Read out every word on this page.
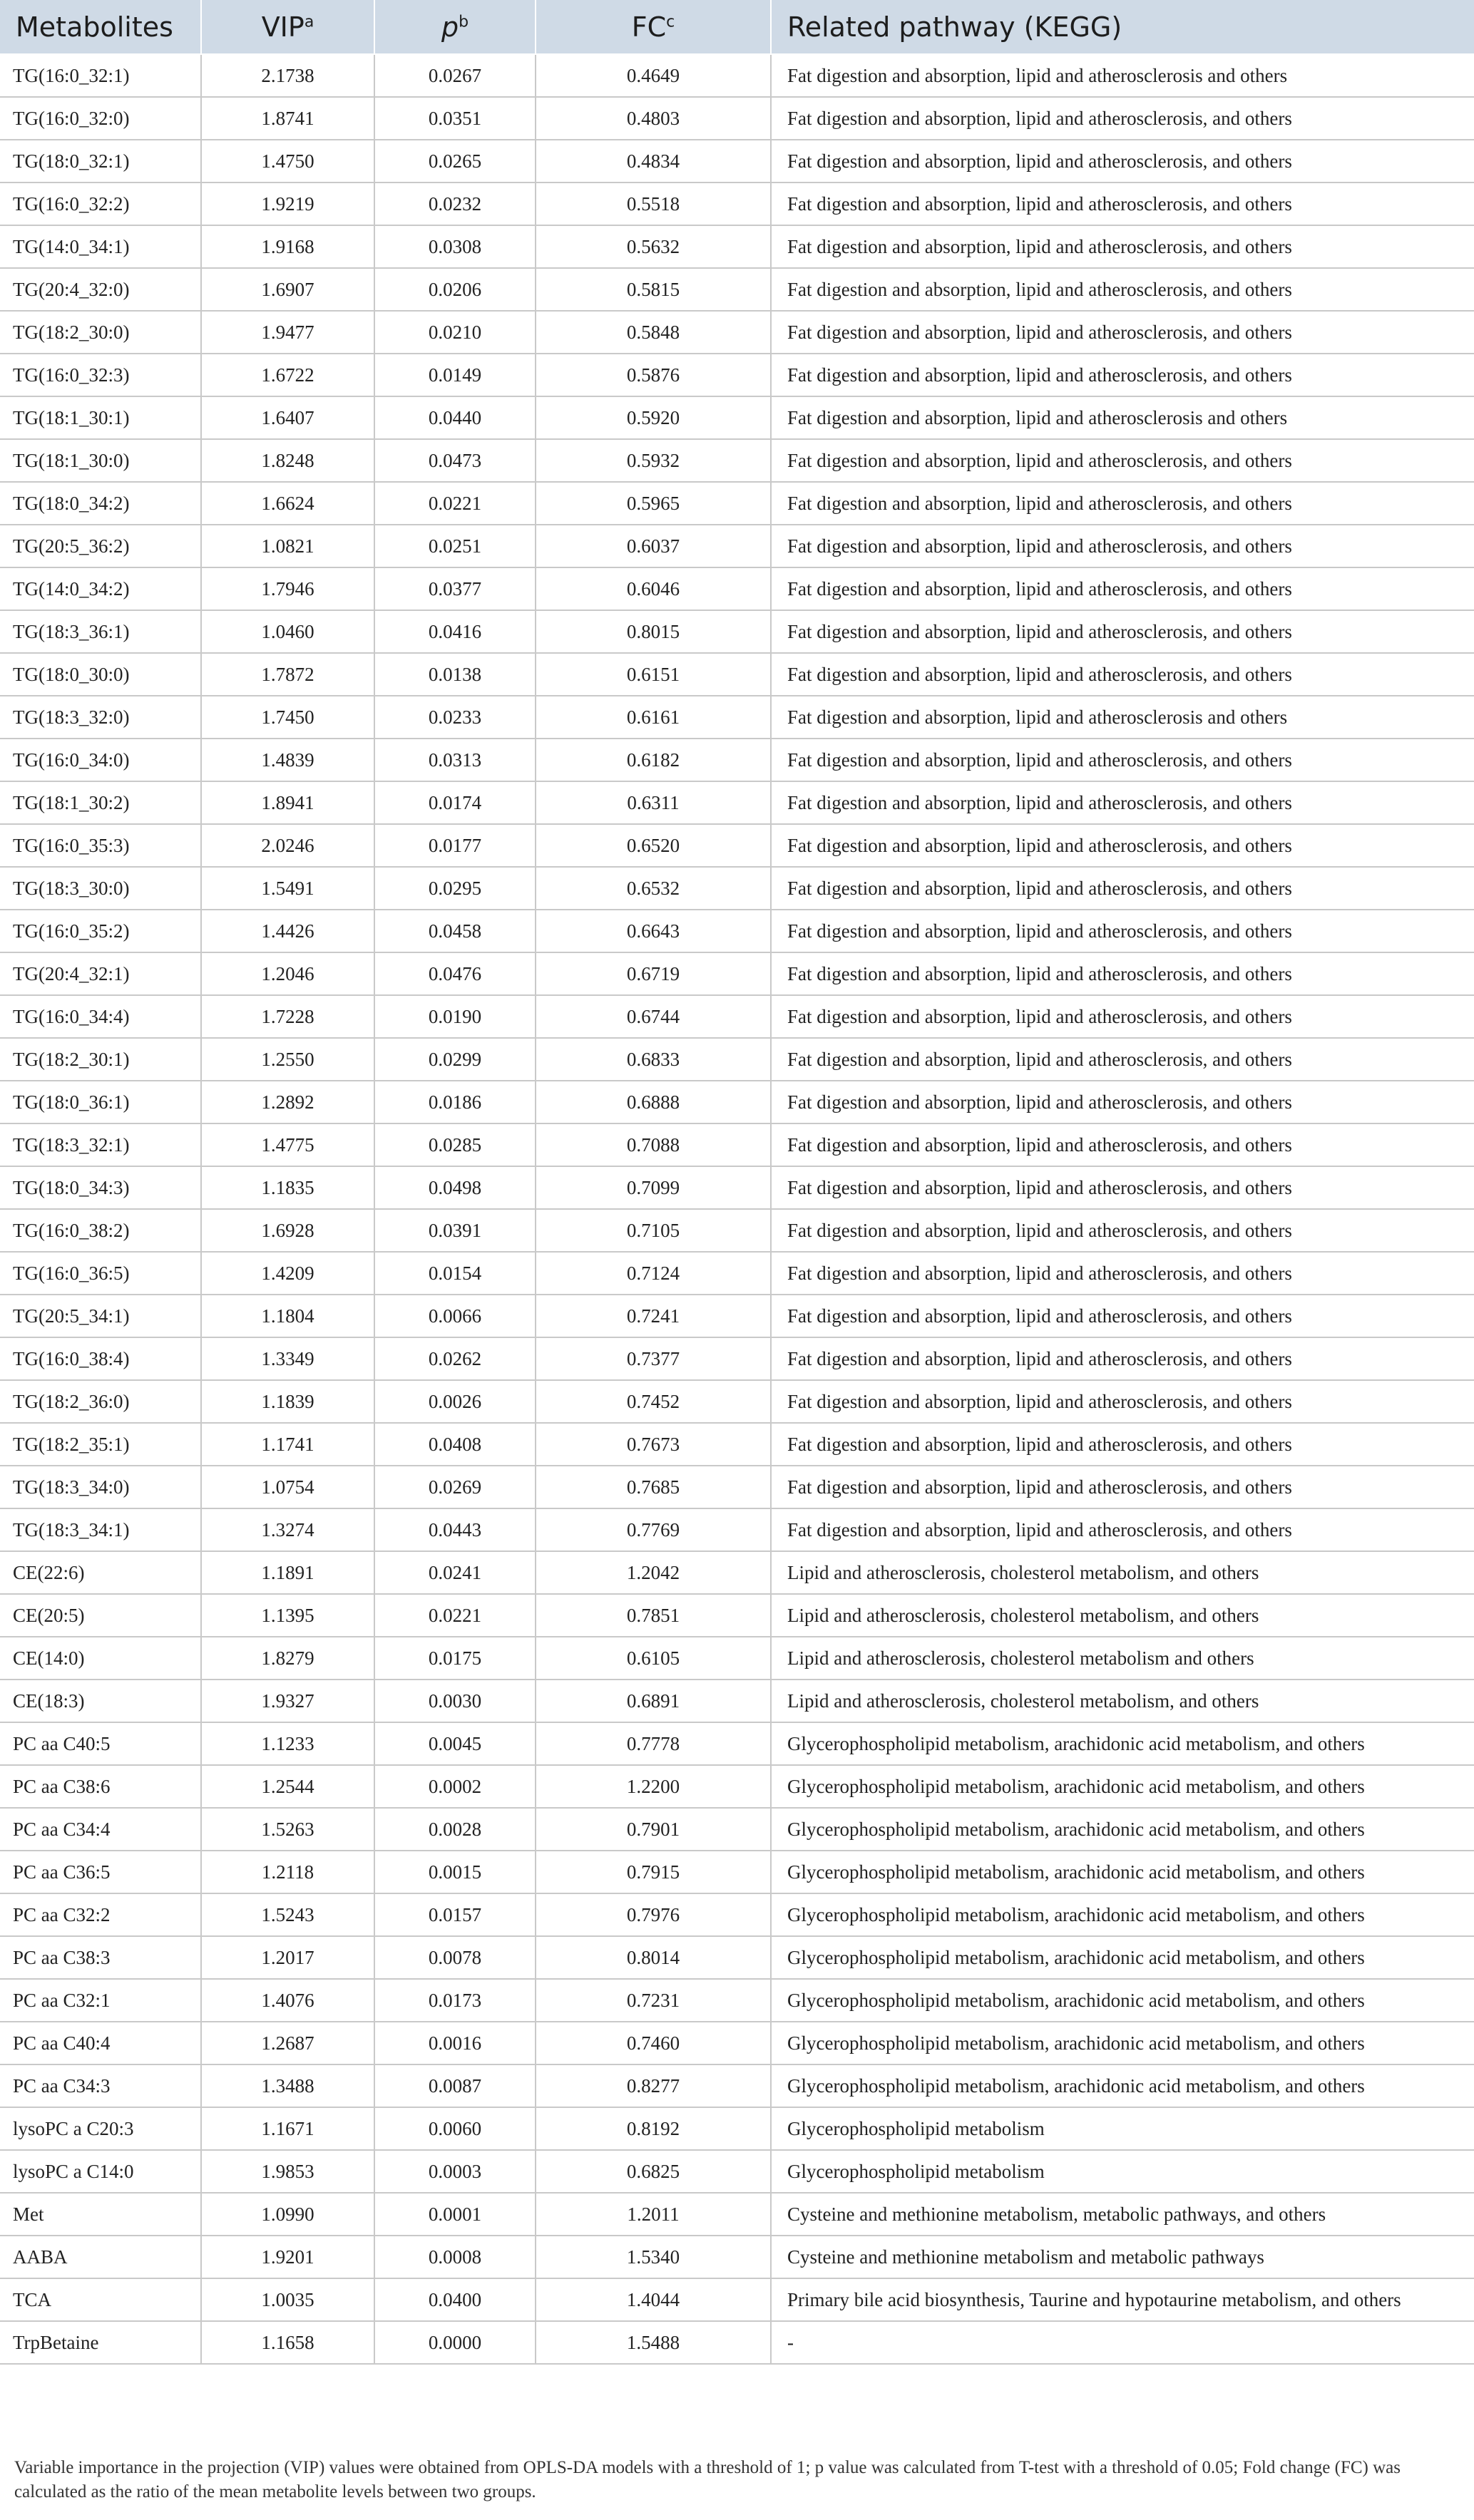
Metabolites	VIP$^a$	$p^b$	$FC^c$	Related pathway (KEGG)
TG(16:0_32:1)	2.1738	0.0267	0.4649	Fat digestion and absorption, lipid and atherosclerosis and others
TG(16:0_32:0)	1.8741	0.0351	0.4803	Fat digestion and absorption, lipid and atherosclerosis, and others
TG(18:0_32:1)	1.4750	0.0265	0.4834	Fat digestion and absorption, lipid and atherosclerosis, and others
TG(16:0_32:2)	1.9219	0.0232	0.5518	Fat digestion and absorption, lipid and atherosclerosis, and others
TG(14:0_34:1)	1.9168	0.0308	0.5632	Fat digestion and absorption, lipid and atherosclerosis, and others
TG(20:4_32:0)	1.6907	0.0206	0.5815	Fat digestion and absorption, lipid and atherosclerosis, and others
TG(18:2_30:0)	1.9477	0.0210	0.5848	Fat digestion and absorption, lipid and atherosclerosis, and others
TG(16:0_32:3)	1.6722	0.0149	0.5876	Fat digestion and absorption, lipid and atherosclerosis, and others
TG(18:1_30:1)	1.6407	0.0440	0.5920	Fat digestion and absorption, lipid and atherosclerosis and others
TG(18:1_30:0)	1.8248	0.0473	0.5932	Fat digestion and absorption, lipid and atherosclerosis, and others
TG(18:0_34:2)	1.6624	0.0221	0.5965	Fat digestion and absorption, lipid and atherosclerosis, and others
TG(20:5_36:2)	1.0821	0.0251	0.6037	Fat digestion and absorption, lipid and atherosclerosis, and others
TG(14:0_34:2)	1.7946	0.0377	0.6046	Fat digestion and absorption, lipid and atherosclerosis, and others
TG(18:3_36:1)	1.0460	0.0416	0.8015	Fat digestion and absorption, lipid and atherosclerosis, and others
TG(18:0_30:0)	1.7872	0.0138	0.6151	Fat digestion and absorption, lipid and atherosclerosis, and others
TG(18:3_32:0)	1.7450	0.0233	0.6161	Fat digestion and absorption, lipid and atherosclerosis and others
TG(16:0_34:0)	1.4839	0.0313	0.6182	Fat digestion and absorption, lipid and atherosclerosis, and others
TG(18:1_30:2)	1.8941	0.0174	0.6311	Fat digestion and absorption, lipid and atherosclerosis, and others
TG(16:0_35:3)	2.0246	0.0177	0.6520	Fat digestion and absorption, lipid and atherosclerosis, and others
TG(18:3_30:0)	1.5491	0.0295	0.6532	Fat digestion and absorption, lipid and atherosclerosis, and others
TG(16:0_35:2)	1.4426	0.0458	0.6643	Fat digestion and absorption, lipid and atherosclerosis, and others
TG(20:4_32:1)	1.2046	0.0476	0.6719	Fat digestion and absorption, lipid and atherosclerosis, and others
TG(16:0_34:4)	1.7228	0.0190	0.6744	Fat digestion and absorption, lipid and atherosclerosis, and others
TG(18:2_30:1)	1.2550	0.0299	0.6833	Fat digestion and absorption, lipid and atherosclerosis, and others
TG(18:0_36:1)	1.2892	0.0186	0.6888	Fat digestion and absorption, lipid and atherosclerosis, and others
TG(18:3_32:1)	1.4775	0.0285	0.7088	Fat digestion and absorption, lipid and atherosclerosis, and others
TG(18:0_34:3)	1.1835	0.0498	0.7099	Fat digestion and absorption, lipid and atherosclerosis, and others
TG(16:0_38:2)	1.6928	0.0391	0.7105	Fat digestion and absorption, lipid and atherosclerosis, and others
TG(16:0_36:5)	1.4209	0.0154	0.7124	Fat digestion and absorption, lipid and atherosclerosis, and others
TG(20:5_34:1)	1.1804	0.0066	0.7241	Fat digestion and absorption, lipid and atherosclerosis, and others
TG(16:0_38:4)	1.3349	0.0262	0.7377	Fat digestion and absorption, lipid and atherosclerosis, and others
TG(18:2_36:0)	1.1839	0.0026	0.7452	Fat digestion and absorption, lipid and atherosclerosis, and others
TG(18:2_35:1)	1.1741	0.0408	0.7673	Fat digestion and absorption, lipid and atherosclerosis, and others
TG(18:3_34:0)	1.0754	0.0269	0.7685	Fat digestion and absorption, lipid and atherosclerosis, and others
TG(18:3_34:1)	1.3274	0.0443	0.7769	Fat digestion and absorption, lipid and atherosclerosis, and others
CE(22:6)	1.1891	0.0241	1.2042	Lipid and atherosclerosis, cholesterol metabolism, and others
CE(20:5)	1.1395	0.0221	0.7851	Lipid and atherosclerosis, cholesterol metabolism, and others
CE(14:0)	1.8279	0.0175	0.6105	Lipid and atherosclerosis, cholesterol metabolism and others
CE(18:3)	1.9327	0.0030	0.6891	Lipid and atherosclerosis, cholesterol metabolism, and others
PC aa C40:5	1.1233	0.0045	0.7778	Glycerophospholipid metabolism, arachidonic acid metabolism, and others
PC aa C38:6	1.2544	0.0002	1.2200	Glycerophospholipid metabolism, arachidonic acid metabolism, and others
PC aa C34:4	1.5263	0.0028	0.7901	Glycerophospholipid metabolism, arachidonic acid metabolism, and others
PC aa C36:5	1.2118	0.0015	0.7915	Glycerophospholipid metabolism, arachidonic acid metabolism, and others
PC aa C32:2	1.5243	0.0157	0.7976	Glycerophospholipid metabolism, arachidonic acid metabolism, and others
PC aa C38:3	1.2017	0.0078	0.8014	Glycerophospholipid metabolism, arachidonic acid metabolism, and others
PC aa C32:1	1.4076	0.0173	0.7231	Glycerophospholipid metabolism, arachidonic acid metabolism, and others
PC aa C40:4	1.2687	0.0016	0.7460	Glycerophospholipid metabolism, arachidonic acid metabolism, and others
PC aa C34:3	1.3488	0.0087	0.8277	Glycerophospholipid metabolism, arachidonic acid metabolism, and others
lysoPC a C20:3	1.1671	0.0060	0.8192	Glycerophospholipid metabolism
lysoPC a C14:0	1.9853	0.0003	0.6825	Glycerophospholipid metabolism
Met	1.0990	0.0001	1.2011	Cysteine and methionine metabolism, metabolic pathways, and others
AABA	1.9201	0.0008	1.5340	Cysteine and methionine metabolism and metabolic pathways
TCA	1.0035	0.0400	1.4044	Primary bile acid biosynthesis, Taurine and hypotaurine metabolism, and others
TrpBetaine	1.1658	0.0000	1.5488	-
Variable importance in the projection (VIP) values were obtained from OPLS-DA models with a threshold of 1; p value was calculated from T-test with a threshold of 0.05; Fold change (FC) was calculated as the ratio of the mean metabolite levels between two groups.
